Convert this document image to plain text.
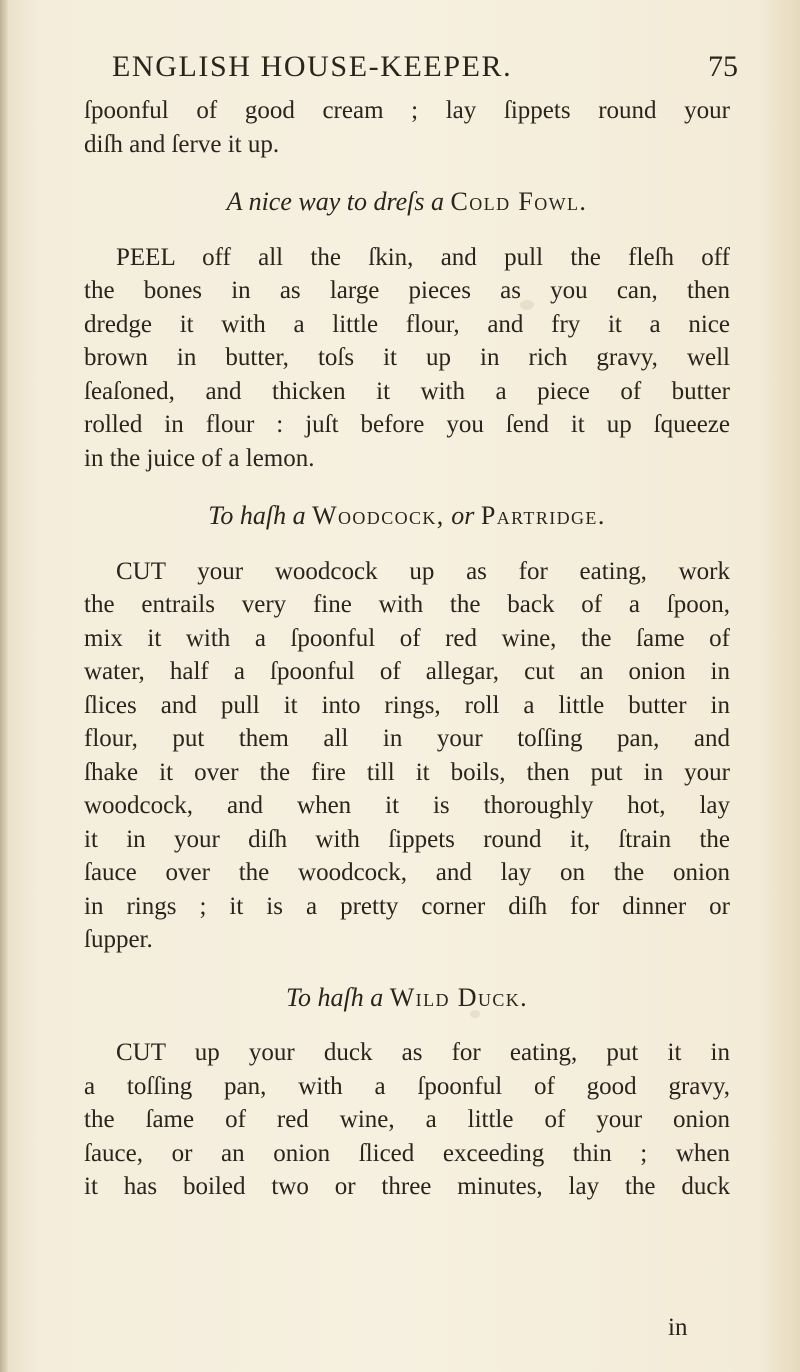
ENGLISH HOUSE-KEEPER.	75
ſpoonful of good cream ; lay ſippets round your
diſh and ſerve it up.
A nice way to dreſs a Cold Fowl.
PEEL off all the ſkin, and pull the fleſh off
the bones in as large pieces as you can, then
dredge it with a little flour, and fry it a nice
brown in butter, toſs it up in rich gravy, well
ſeaſoned, and thicken it with a piece of butter
rolled in flour : juſt before you ſend it up ſqueeze
in the juice of a lemon.
To haſh a Woodcock, or Partridge.
CUT your woodcock up as for eating, work
the entrails very fine with the back of a ſpoon,
mix it with a ſpoonful of red wine, the ſame of
water, half a ſpoonful of allegar, cut an onion in
ſlices and pull it into rings, roll a little butter in
flour, put them all in your toſſing pan, and
ſhake it over the fire till it boils, then put in your
woodcock, and when it is thoroughly hot, lay
it in your diſh with ſippets round it, ſtrain the
ſauce over the woodcock, and lay on the onion
in rings ; it is a pretty corner diſh for dinner or
ſupper.
To haſh a Wild Duck.
CUT up your duck as for eating, put it in
a toſſing pan, with a ſpoonful of good gravy,
the ſame of red wine, a little of your onion
ſauce, or an onion ſliced exceeding thin ; when
it has boiled two or three minutes, lay the duck
in
